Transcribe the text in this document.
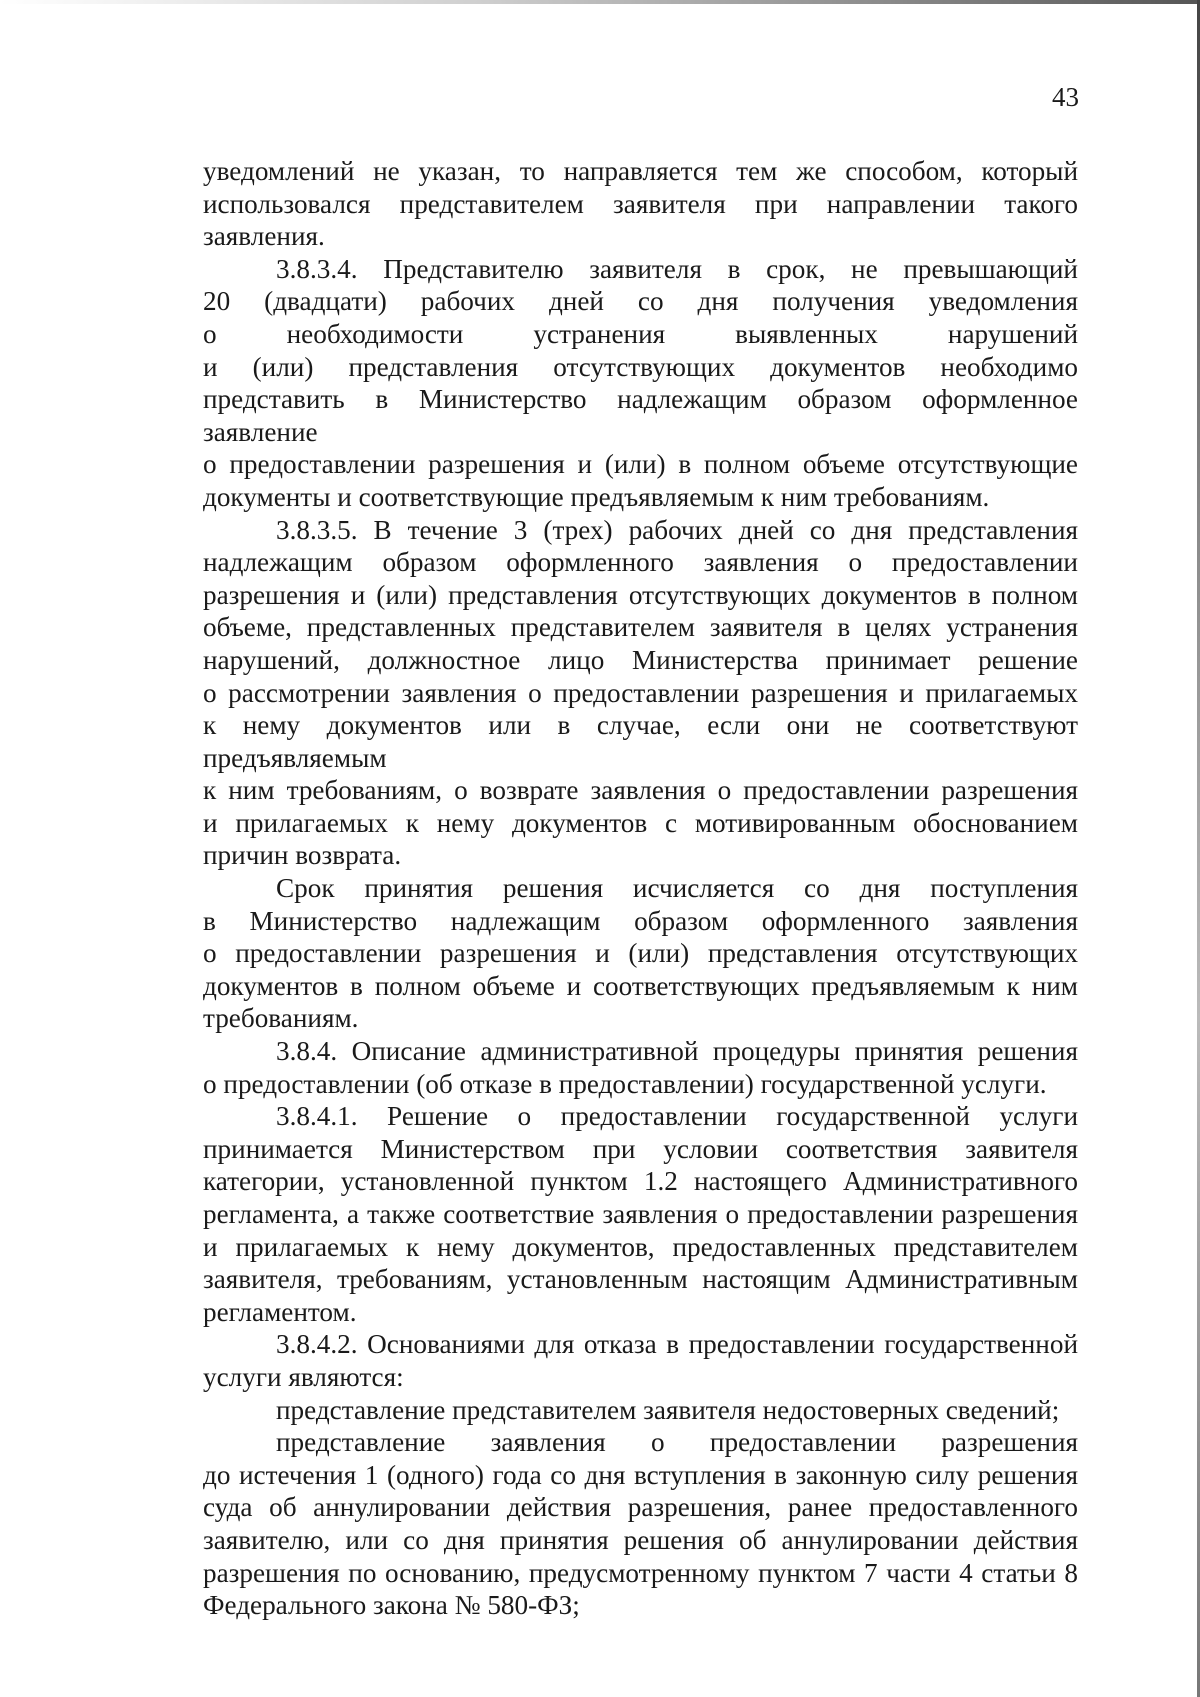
43

уведомлений не указан, то направляется тем же способом, который

использовался представителем заявителя при направлении такого

заявления.

3.8.3.4. Представителю заявителя в срок, не превышающий

20 (двадцати) рабочих дней со дня получения уведомления

о необходимости устранения выявленных нарушений

и (или) представления отсутствующих документов необходимо

представить в Министерство надлежащим образом оформленное заявление

о предоставлении разрешения и (или) в полном объеме отсутствующие

документы и соответствующие предъявляемым к ним требованиям.

3.8.3.5. В течение 3 (трех) рабочих дней со дня представления

надлежащим образом оформленного заявления о предоставлении

разрешения и (или) представления отсутствующих документов в полном

объеме, представленных представителем заявителя в целях устранения

нарушений, должностное лицо Министерства принимает решение

о рассмотрении заявления о предоставлении разрешения и прилагаемых

к нему документов или в случае, если они не соответствуют предъявляемым

к ним требованиям, о возврате заявления о предоставлении разрешения

и прилагаемых к нему документов с мотивированным обоснованием

причин возврата.

Срок принятия решения исчисляется со дня поступления

в Министерство надлежащим образом оформленного заявления

о предоставлении разрешения и (или) представления отсутствующих

документов в полном объеме и соответствующих предъявляемым к ним

требованиям.

3.8.4. Описание административной процедуры принятия решения

о предоставлении (об отказе в предоставлении) государственной услуги.

3.8.4.1. Решение о предоставлении государственной услуги

принимается Министерством при условии соответствия заявителя

категории, установленной пунктом 1.2 настоящего Административного

регламента, а также соответствие заявления о предоставлении разрешения

и прилагаемых к нему документов, предоставленных представителем

заявителя, требованиям, установленным настоящим Административным

регламентом.

3.8.4.2. Основаниями для отказа в предоставлении государственной

услуги являются:

представление представителем заявителя недостоверных сведений;

представление заявления о предоставлении разрешения

до истечения 1 (одного) года со дня вступления в законную силу решения

суда об аннулировании действия разрешения, ранее предоставленного

заявителю, или со дня принятия решения об аннулировании действия

разрешения по основанию, предусмотренному пунктом 7 части 4 статьи 8

Федерального закона № 580-ФЗ;
